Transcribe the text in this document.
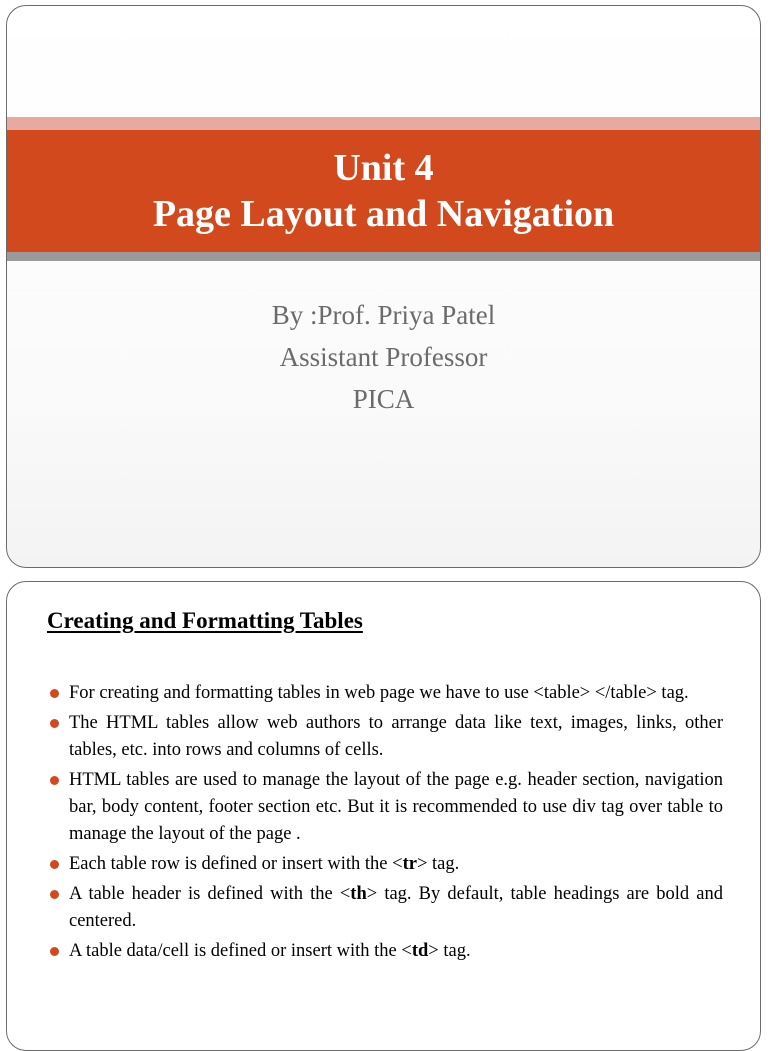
Unit 4
Page Layout and Navigation
By :Prof. Priya Patel
Assistant Professor
PICA
Creating and Formatting Tables
For creating and formatting tables in web page we have to use <table> </table> tag.
The HTML tables allow web authors to arrange data like text, images, links, other tables, etc. into rows and columns of cells.
HTML tables are used to manage the layout of the page e.g. header section, navigation bar, body content, footer section etc. But it is recommended to use div tag over table to manage the layout of the page .
Each table row is defined or insert with the <tr> tag.
A table header is defined with the <th> tag. By default, table headings are bold and centered.
A table data/cell is defined or insert with the <td> tag.
